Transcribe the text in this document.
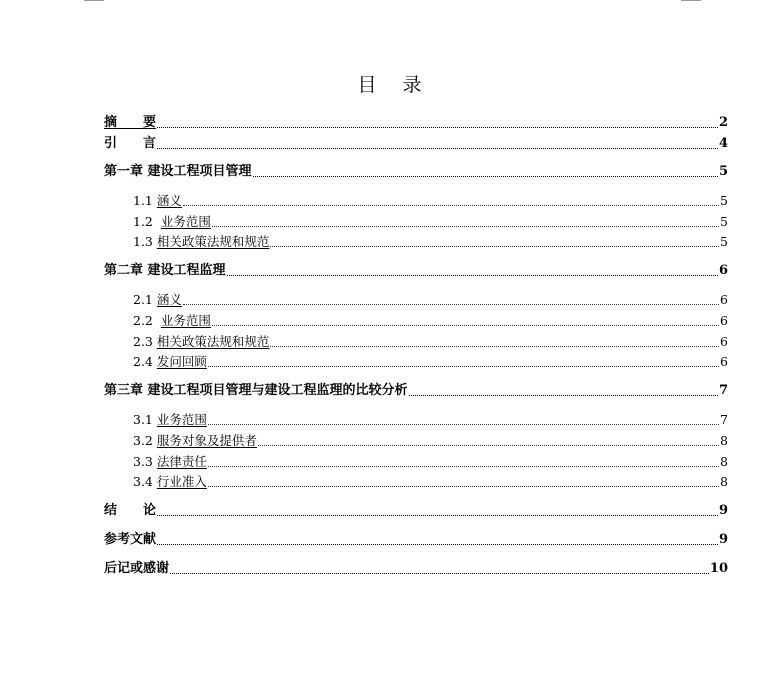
目 录
摘　　要	2
引　　言	4
第一章 建设工程项目管理	5
1.1 涵义	5
1.2 业务范围	5
1.3 相关政策法规和规范	5
第二章 建设工程监理	6
2.1 涵义	6
2.2 业务范围	6
2.3 相关政策法规和规范	6
2.4 发问回顾	6
第三章 建设工程项目管理与建设工程监理的比较分析	7
3.1 业务范围	7
3.2 服务对象及提供者	8
3.3 法律责任	8
3.4 行业准入	8
结　　论	9
参考文献	9
后记或感谢	10
